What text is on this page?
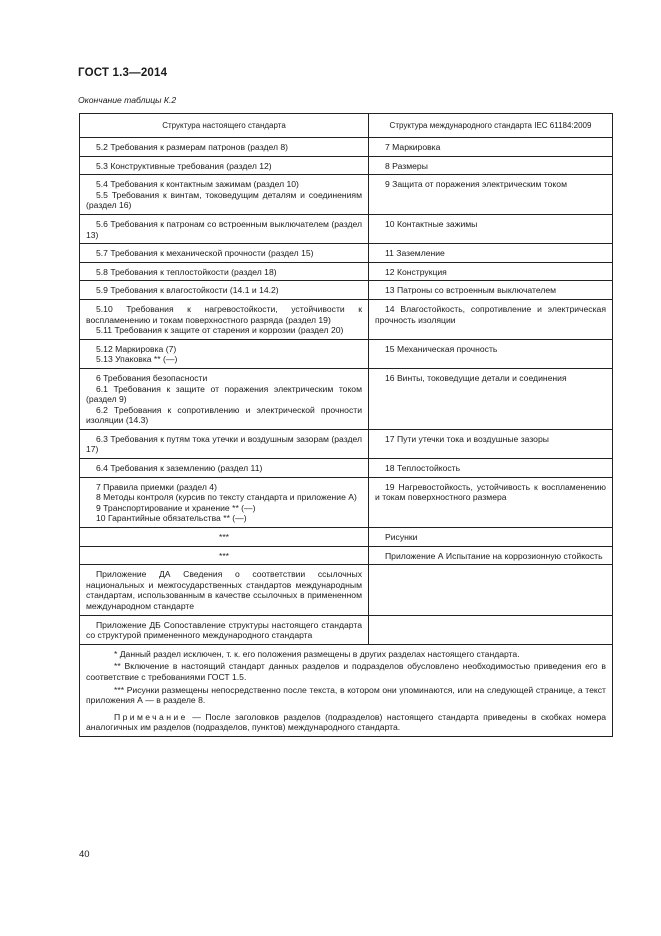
ГОСТ 1.3—2014
Окончание таблицы К.2
Структура настоящего стандарта	Структура международного стандарта IEC 61184:2009

5.2 Требования к размерам патронов (раздел 8)	7 Маркировка

5.3 Конструктивные требования (раздел 12)	8 Размеры

5.4 Требования к контактным зажимам (раздел 10)
5.5 Требования к винтам, токоведущим деталям и соединениям (раздел 16)	9 Защита от поражения электрическим током

5.6 Требования к патронам со встроенным выключателем (раздел 13)	10 Контактные зажимы

5.7 Требования к механической прочности (раздел 15)	11 Заземление

5.8 Требования к теплостойкости (раздел 18)	12 Конструкция

5.9 Требования к влагостойкости (14.1 и 14.2)	13 Патроны со встроенным выключателем

5.10 Требования к нагревостойкости, устойчивости к воспламенению и токам поверхностного разряда (раздел 19)
5.11 Требования к защите от старения и коррозии (раздел 20)	14 Влагостойкость, сопротивление и электрическая прочность изоляции

5.12 Маркировка (7)
5.13 Упаковка ** (—)	15 Механическая прочность

6 Требования безопасности
6.1 Требования к защите от поражения электрическим током (раздел 9)
6.2 Требования к сопротивлению и электрической прочности изоляции (14.3)	16 Винты, токоведущие детали и соединения

6.3 Требования к путям тока утечки и воздушным зазорам (раздел 17)	17 Пути утечки тока и воздушные зазоры

6.4 Требования к заземлению (раздел 11)	18 Теплостойкость

7 Правила приемки (раздел 4)
8 Методы контроля (курсив по тексту стандарта и приложение А)
9 Транспортирование и хранение ** (—)
10 Гарантийные обязательства ** (—)	19 Нагревостойкость, устойчивость к воспламенению и токам поверхностного размера

***	Рисунки

***	Приложение А Испытание на коррозионную стойкость

Приложение ДА Сведения о соответствии ссылочных национальных и межгосударственных стандартов международным стандартам, использованным в качестве ссылочных в примененном международном стандарте	

Приложение ДБ Сопоставление структуры настоящего стандарта со структурой примененного международного стандарта	

* Данный раздел исключен, т. к. его положения размещены в других разделах настоящего стандарта.
** Включение в настоящий стандарт данных разделов и подразделов обусловлено необходимостью приведения его в соответствие с требованиями ГОСТ 1.5.
*** Рисунки размещены непосредственно после текста, в котором они упоминаются, или на следующей странице, а текст приложения А — в разделе 8.
Примечание — После заголовков разделов (подразделов) настоящего стандарта приведены в скобках номера аналогичных им разделов (подразделов, пунктов) международного стандарта.	
40
